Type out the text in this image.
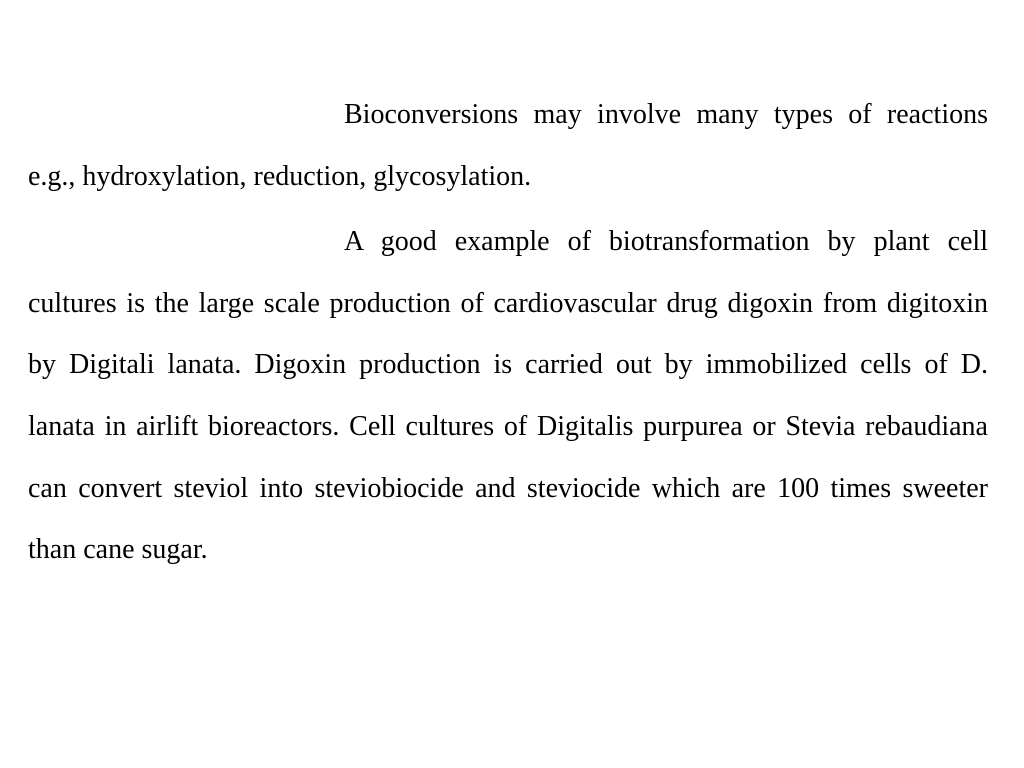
Bioconversions may involve many types of reactions e.g., hydroxylation, reduction, glycosylation.

A good example of biotransformation by plant cell cultures is the large scale production of cardiovascular drug digoxin from digitoxin by Digitali lanata. Digoxin production is carried out by immobilized cells of D. lanata in airlift bioreactors. Cell cultures of Digitalis purpurea or Stevia rebaudiana can convert steviol into steviobiocide and steviocide which are 100 times sweeter than cane sugar.
